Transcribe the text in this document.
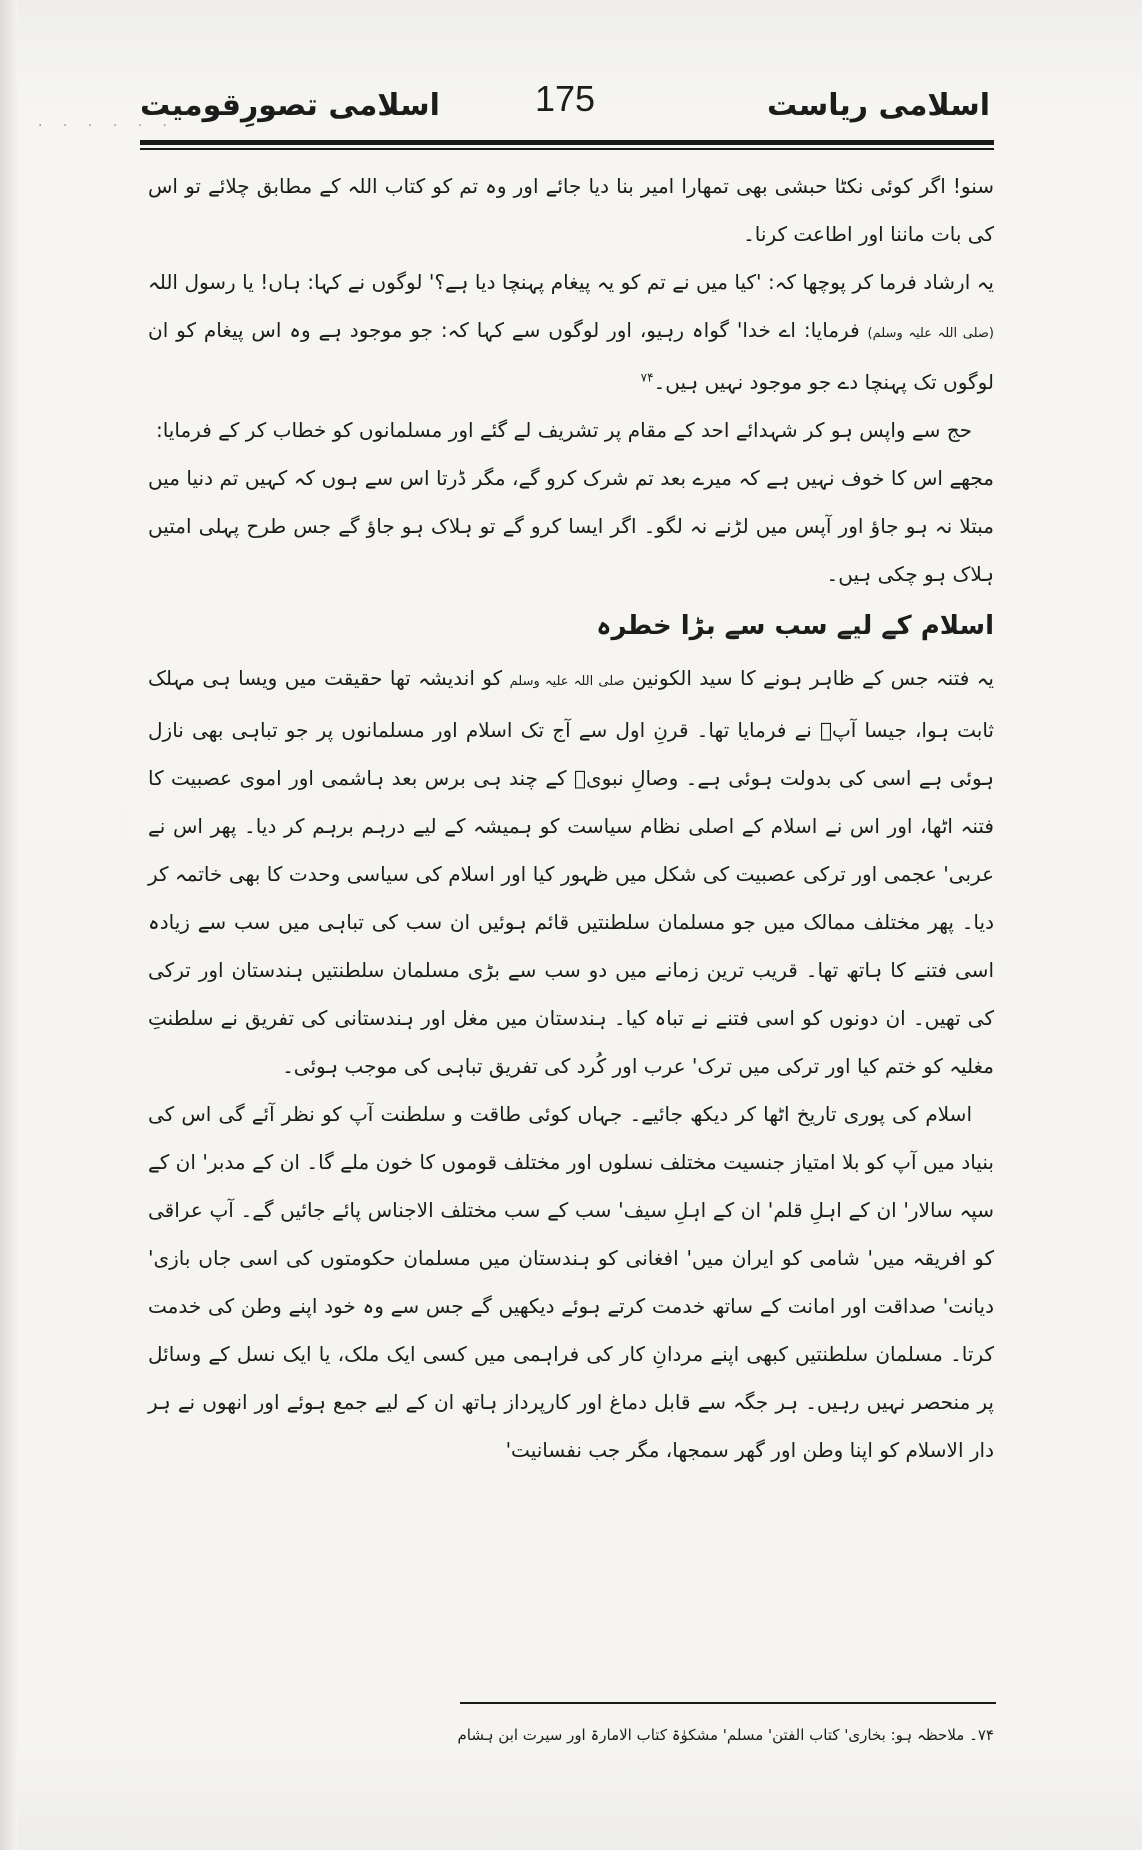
· · · · · ·
اسلامی ریاست
175
اسلامی تصورِقومیت

سنو! اگر کوئی نکٹا حبشی بھی تمھارا امیر بنا دیا جائے اور وہ تم کو کتاب اللہ کے مطابق چلائے تو اس کی بات ماننا اور اطاعت کرنا۔

یہ ارشاد فرما کر پوچھا کہ: 'کیا میں نے تم کو یہ پیغام پہنچا دیا ہے؟' لوگوں نے کہا: ہاں! یا رسول اللہ (صلی اللہ علیہ وسلم) فرمایا: اے خدا' گواہ رہیو، اور لوگوں سے کہا کہ: جو موجود ہے وہ اس پیغام کو ان لوگوں تک پہنچا دے جو موجود نہیں ہیں۔$^{۷۴}$

حج سے واپس ہو کر شہدائے احد کے مقام پر تشریف لے گئے اور مسلمانوں کو خطاب کر کے فرمایا:

مجھے اس کا خوف نہیں ہے کہ میرے بعد تم شرک کرو گے، مگر ڈرتا اس سے ہوں کہ کہیں تم دنیا میں مبتلا نہ ہو جاؤ اور آپس میں لڑنے نہ لگو۔ اگر ایسا کرو گے تو ہلاک ہو جاؤ گے جس طرح پہلی امتیں ہلاک ہو چکی ہیں۔

اسلام کے لیے سب سے بڑا خطرہ

یہ فتنہ جس کے ظاہر ہونے کا سید الکونین صلی اللہ علیہ وسلم کو اندیشہ تھا حقیقت میں ویسا ہی مہلک ثابت ہوا، جیسا آپؐ نے فرمایا تھا۔ قرنِ اول سے آج تک اسلام اور مسلمانوں پر جو تباہی بھی نازل ہوئی ہے اسی کی بدولت ہوئی ہے۔ وصالِ نبویؐ کے چند ہی برس بعد ہاشمی اور اموی عصبیت کا فتنہ اٹھا، اور اس نے اسلام کے اصلی نظام سیاست کو ہمیشہ کے لیے درہم برہم کر دیا۔ پھر اس نے عربی' عجمی اور ترکی عصبیت کی شکل میں ظہور کیا اور اسلام کی سیاسی وحدت کا بھی خاتمہ کر دیا۔ پھر مختلف ممالک میں جو مسلمان سلطنتیں قائم ہوئیں ان سب کی تباہی میں سب سے زیادہ اسی فتنے کا ہاتھ تھا۔ قریب ترین زمانے میں دو سب سے بڑی مسلمان سلطنتیں ہندستان اور ترکی کی تھیں۔ ان دونوں کو اسی فتنے نے تباہ کیا۔ ہندستان میں مغل اور ہندستانی کی تفریق نے سلطنتِ مغلیہ کو ختم کیا اور ترکی میں ترک' عرب اور کُرد کی تفریق تباہی کی موجب ہوئی۔

اسلام کی پوری تاریخ اٹھا کر دیکھ جائیے۔ جہاں کوئی طاقت و سلطنت آپ کو نظر آئے گی اس کی بنیاد میں آپ کو بلا امتیاز جنسیت مختلف نسلوں اور مختلف قوموں کا خون ملے گا۔ ان کے مدبر' ان کے سپہ سالار' ان کے اہلِ قلم' ان کے اہلِ سیف' سب کے سب مختلف الاجناس پائے جائیں گے۔ آپ عراقی کو افریقہ میں' شامی کو ایران میں' افغانی کو ہندستان میں مسلمان حکومتوں کی اسی جاں بازی' دیانت' صداقت اور امانت کے ساتھ خدمت کرتے ہوئے دیکھیں گے جس سے وہ خود اپنے وطن کی خدمت کرتا۔ مسلمان سلطنتیں کبھی اپنے مردانِ کار کی فراہمی میں کسی ایک ملک، یا ایک نسل کے وسائل پر منحصر نہیں رہیں۔ ہر جگہ سے قابل دماغ اور کارپرداز ہاتھ ان کے لیے جمع ہوئے اور انھوں نے ہر دار الاسلام کو اپنا وطن اور گھر سمجھا، مگر جب نفسانیت'

۷۴۔ ملاحظہ ہو: بخاری' کتاب الفتن' مسلم' مشکوٰۃ کتاب الامارۃ اور سیرت ابن ہشام
